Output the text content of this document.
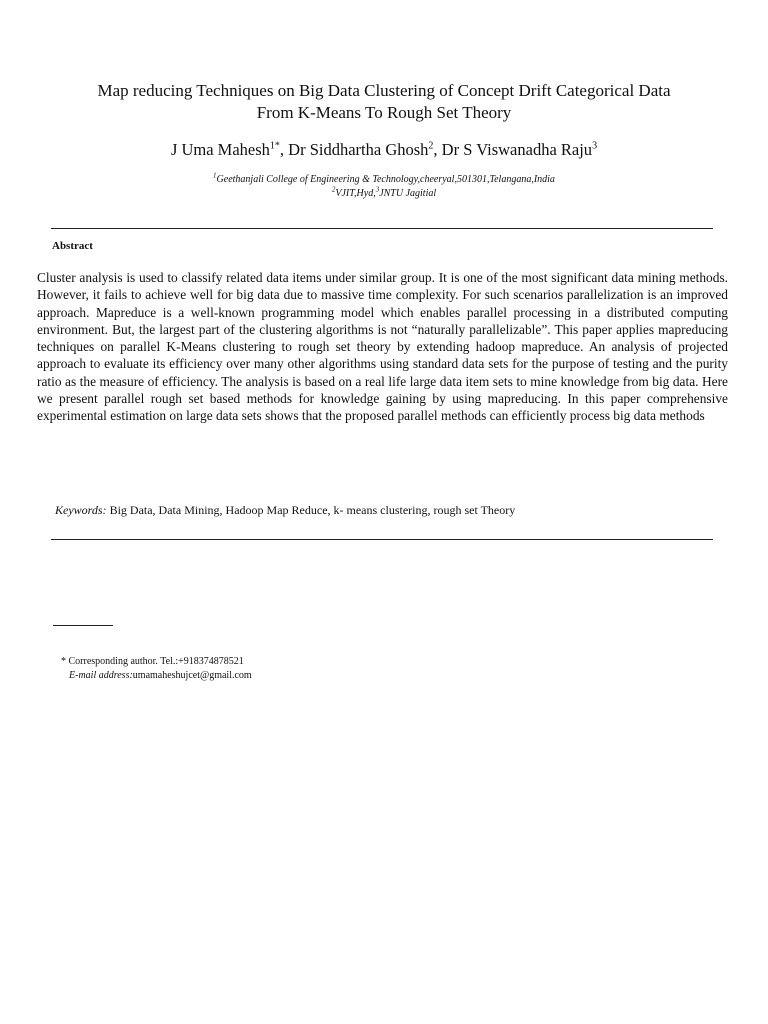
Map reducing Techniques on Big Data Clustering of Concept Drift Categorical Data
From K-Means To Rough Set Theory
J Uma Mahesh$^{1*}$, Dr Siddhartha Ghosh$^2$, Dr S Viswanadha Raju$^3$
$^1$Geethanjali College of Engineering & Technology,cheeryal,501301,Telangana,India
$^2$VJIT,Hyd,$^3$JNTU Jagitial
Abstract
Cluster analysis is used to classify related data items under similar group. It is one of the most significant data mining methods. However, it fails to achieve well for big data due to massive time complexity. For such scenarios parallelization is an improved approach. Mapreduce is a well-known programming model which enables parallel processing in a distributed computing environment. But, the largest part of the clustering algorithms is not “naturally parallelizable”. This paper applies mapreducing techniques on parallel K-Means clustering to rough set theory by extending hadoop mapreduce. An analysis of projected approach to evaluate its efficiency over many other algorithms using standard data sets for the purpose of testing and the purity ratio as the measure of efficiency. The analysis is based on a real life large data item sets to mine knowledge from big data. Here we present parallel rough set based methods for knowledge gaining by using mapreducing. In this paper comprehensive experimental estimation on large data sets shows that the proposed parallel methods can efficiently process big data methods
Keywords: Big Data, Data Mining, Hadoop Map Reduce, k- means clustering, rough set Theory
* Corresponding author. Tel.:+918374878521
E-mail address:umamaheshujcet@gmail.com
